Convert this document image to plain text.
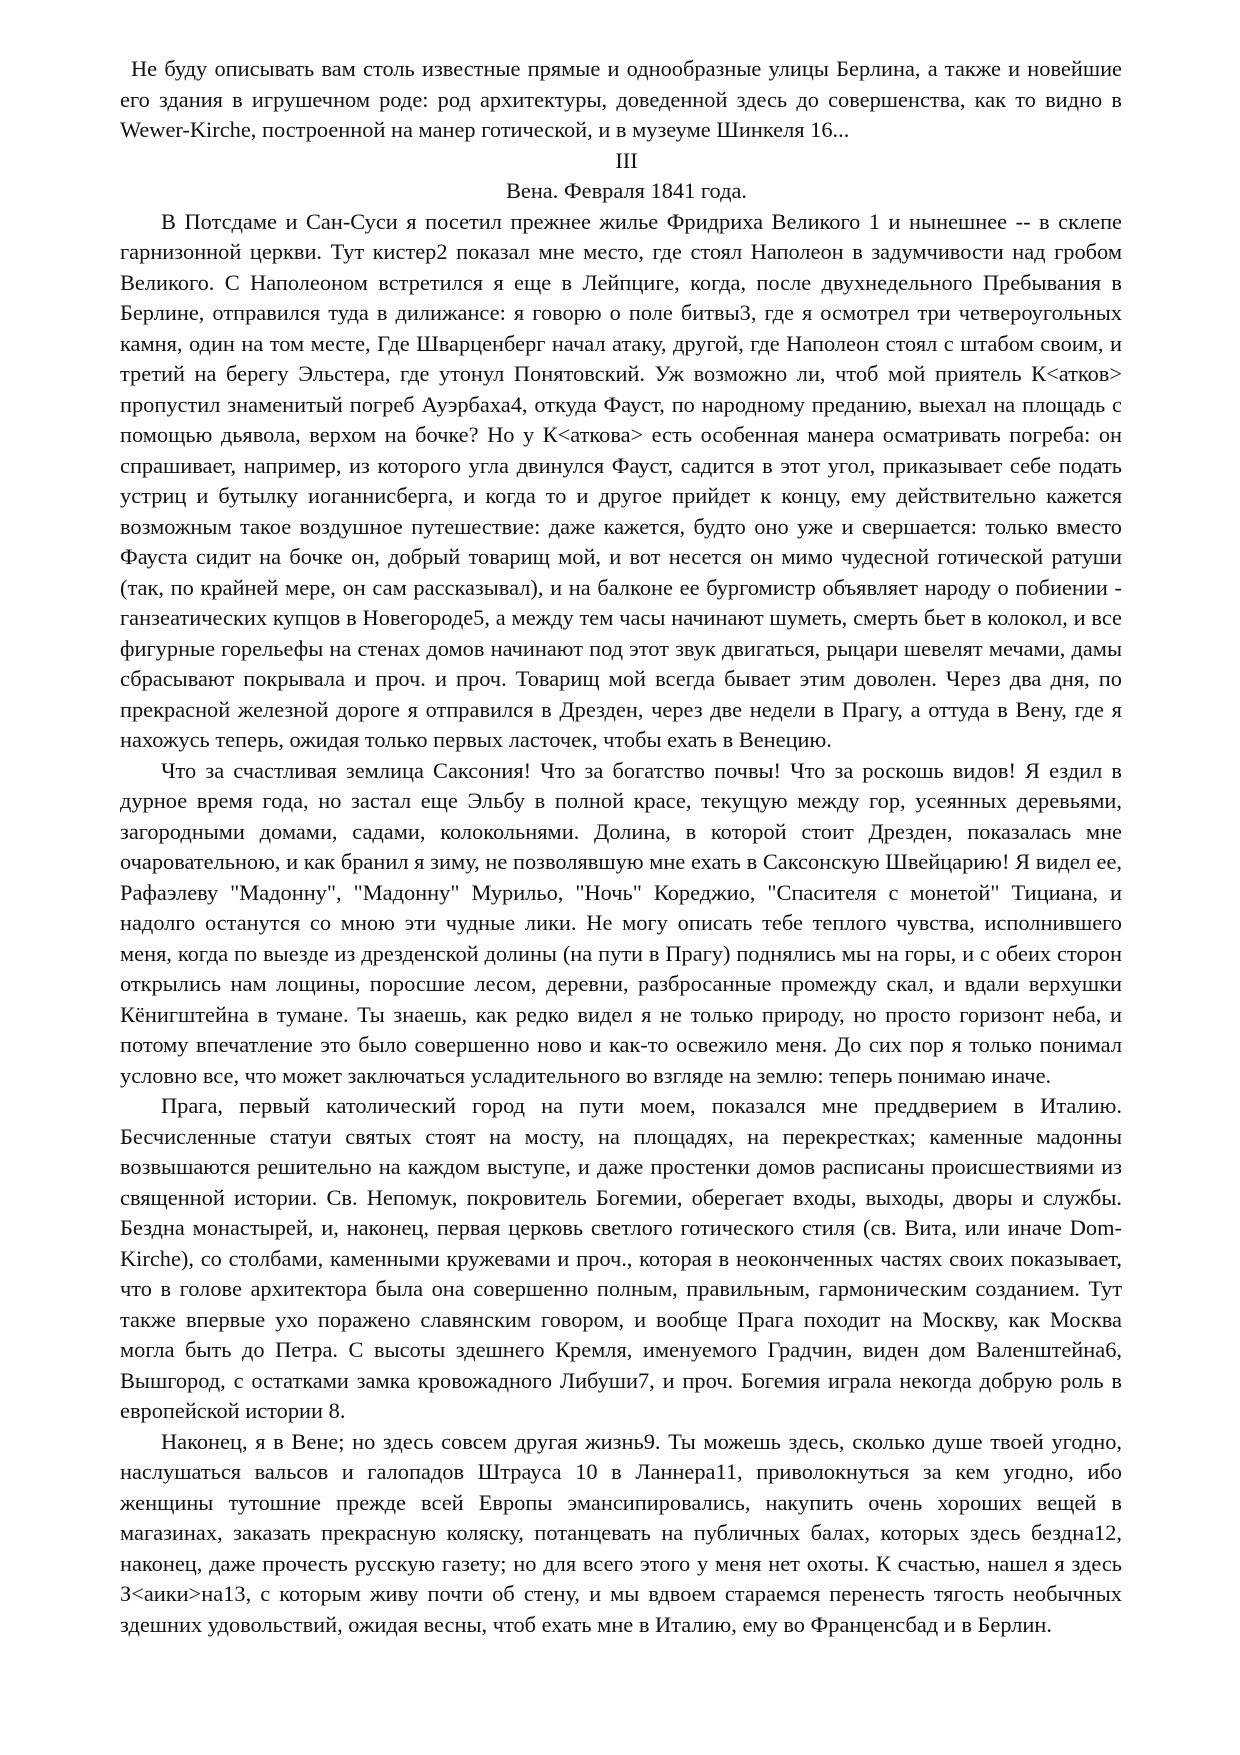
Не буду описывать вам столь известные прямые и однообразные улицы Берлина, а также и новейшие его здания в игрушечном роде: род архитектуры, доведенной здесь до совершенства, как то видно в Wewer-Kirche, построенной на манер готической, и в музеуме Шинкеля 16...

III

Вена. Февраля 1841 года.

В Потсдаме и Сан-Суси я посетил прежнее жилье Фридриха Великого 1 и нынешнее -- в склепе гарнизонной церкви. Тут кистер2 показал мне место, где стоял Наполеон в задумчивости над гробом Великого. С Наполеоном встретился я еще в Лейпциге, когда, после двухнедельного Пребывания в Берлине, отправился туда в дилижансе: я говорю о поле битвы3, где я осмотрел три четвероугольных камня, один на том месте, Где Шварценберг начал атаку, другой, где Наполеон стоял с штабом своим, и третий на берегу Эльстера, где утонул Понятовский. Уж возможно ли, чтоб мой приятель К<атков> пропустил знаменитый погреб Ауэрбаха4, откуда Фауст, по народному преданию, выехал на площадь с помощью дьявола, верхом на бочке? Но у К<аткова> есть особенная манера осматривать погреба: он спрашивает, например, из которого угла двинулся Фауст, садится в этот угол, приказывает себе подать устриц и бутылку иоганнисберга, и когда то и другое прийдет к концу, ему действительно кажется возможным такое воздушное путешествие: даже кажется, будто оно уже и свершается: только вместо Фауста сидит на бочке он, добрый товарищ мой, и вот несется он мимо чудесной готической ратуши (так, по крайней мере, он сам рассказывал), и на балконе ее бургомистр объявляет народу о побиении - ганзеатических купцов в Новегороде5, а между тем часы начинают шуметь, смерть бьет в колокол, и все фигурные горельефы на стенах домов начинают под этот звук двигаться, рыцари шевелят мечами, дамы сбрасывают покрывала и проч. и проч. Товарищ мой всегда бывает этим доволен. Через два дня, по прекрасной железной дороге я отправился в Дрезден, через две недели в Прагу, а оттуда в Вену, где я нахожусь теперь, ожидая только первых ласточек, чтобы ехать в Венецию.

Что за счастливая землица Саксония! Что за богатство почвы! Что за роскошь видов! Я ездил в дурное время года, но застал еще Эльбу в полной красе, текущую между гор, усеянных деревьями, загородными домами, садами, колокольнями. Долина, в которой стоит Дрезден, показалась мне очаровательною, и как бранил я зиму, не позволявшую мне ехать в Саксонскую Швейцарию! Я видел ее, Рафаэлеву "Мадонну", "Мадонну" Мурильо, "Ночь" Кореджио, "Спасителя с монетой" Тициана, и надолго останутся со мною эти чудные лики. Не могу описать тебе теплого чувства, исполнившего меня, когда по выезде из дрезденской долины (на пути в Прагу) поднялись мы на горы, и с обеих сторон открылись нам лощины, поросшие лесом, деревни, разбросанные промежду скал, и вдали верхушки Кёнигштейна в тумане. Ты знаешь, как редко видел я не только природу, но просто горизонт неба, и потому впечатление это было совершенно ново и как-то освежило меня. До сих пор я только понимал условно все, что может заключаться усладительного во взгляде на землю: теперь понимаю иначе.

Прага, первый католический город на пути моем, показался мне преддверием в Италию. Бесчисленные статуи святых стоят на мосту, на площадях, на перекрестках; каменные мадонны возвышаются решительно на каждом выступе, и даже простенки домов расписаны происшествиями из священной истории. Св. Непомук, покровитель Богемии, оберегает входы, выходы, дворы и службы. Бездна монастырей, и, наконец, первая церковь светлого готического стиля (св. Вита, или иначе Dom-Kirche), со столбами, каменными кружевами и проч., которая в неоконченных частях своих показывает, что в голове архитектора была она совершенно полным, правильным, гармоническим созданием. Тут также впервые ухо поражено славянским говором, и вообще Прага походит на Москву, как Москва могла быть до Петра. С высоты здешнего Кремля, именуемого Градчин, виден дом Валенштейна6, Вышгород, с остатками замка кровожадного Либуши7, и проч. Богемия играла некогда добрую роль в европейской истории 8.

Наконец, я в Вене; но здесь совсем другая жизнь9. Ты можешь здесь, сколько душе твоей угодно, наслушаться вальсов и галопадов Штрауса 10 в Ланнера11, приволокнуться за кем угодно, ибо женщины тутошние прежде всей Европы эмансипировались, накупить очень хороших вещей в магазинах, заказать прекрасную коляску, потанцевать на публичных балах, которых здесь бездна12, наконец, даже прочесть русскую газету; но для всего этого у меня нет охоты. К счастью, нашел я здесь З<аики>на13, с которым живу почти об стену, и мы вдвоем стараемся перенесть тягость необычных здешних удовольствий, ожидая весны, чтоб ехать мне в Италию, ему во Франценсбад и в Берлин.
